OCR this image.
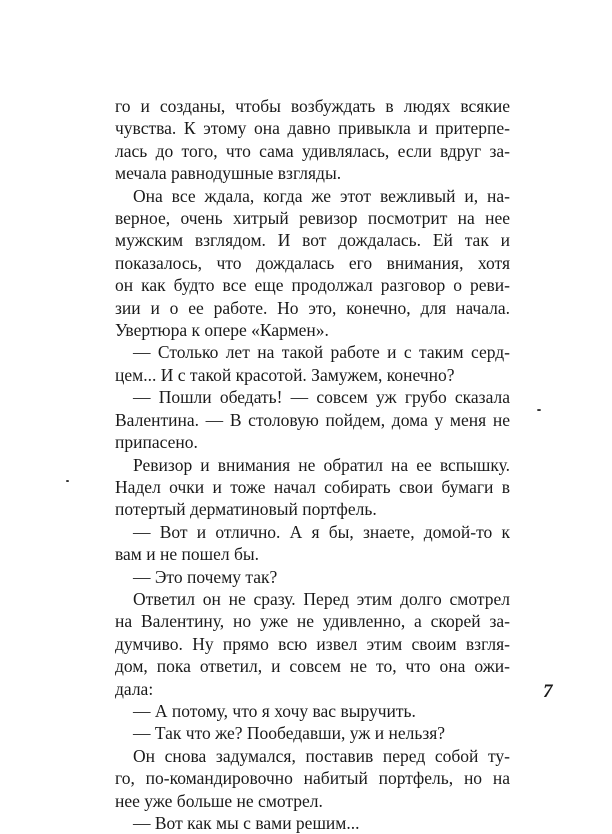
го и созданы, чтобы возбуждать в людях всякие
чувства. К этому она давно привыкла и притерпе-
лась до того, что сама удивлялась, если вдруг за-
мечала равнодушные взгляды.
Она все ждала, когда же этот вежливый и, на-
верное, очень хитрый ревизор посмотрит на нее
мужским взглядом. И вот дождалась. Ей так и
показалось, что дождалась его внимания, хотя
он как будто все еще продолжал разговор о реви-
зии и о ее работе. Но это, конечно, для начала.
Увертюра к опере «Кармен».
— Столько лет на такой работе и с таким серд-
цем... И с такой красотой. Замужем, конечно?
— Пошли обедать! — совсем уж грубо сказала
Валентина. — В столовую пойдем, дома у меня не
припасено.
Ревизор и внимания не обратил на ее вспышку.
Надел очки и тоже начал собирать свои бумаги в
потертый дерматиновый портфель.
— Вот и отлично. А я бы, знаете, домой-то к
вам и не пошел бы.
— Это почему так?
Ответил он не сразу. Перед этим долго смотрел
на Валентину, но уже не удивленно, а скорей за-
думчиво. Ну прямо всю извел этим своим взгля-
дом, пока ответил, и совсем не то, что она ожи-
дала:
— А потому, что я хочу вас выручить.
— Так что же? Пообедавши, уж и нельзя?
Он снова задумался, поставив перед собой ту-
го, по-командировочно набитый портфель, но на
нее уже больше не смотрел.
— Вот как мы с вами решим...
7
